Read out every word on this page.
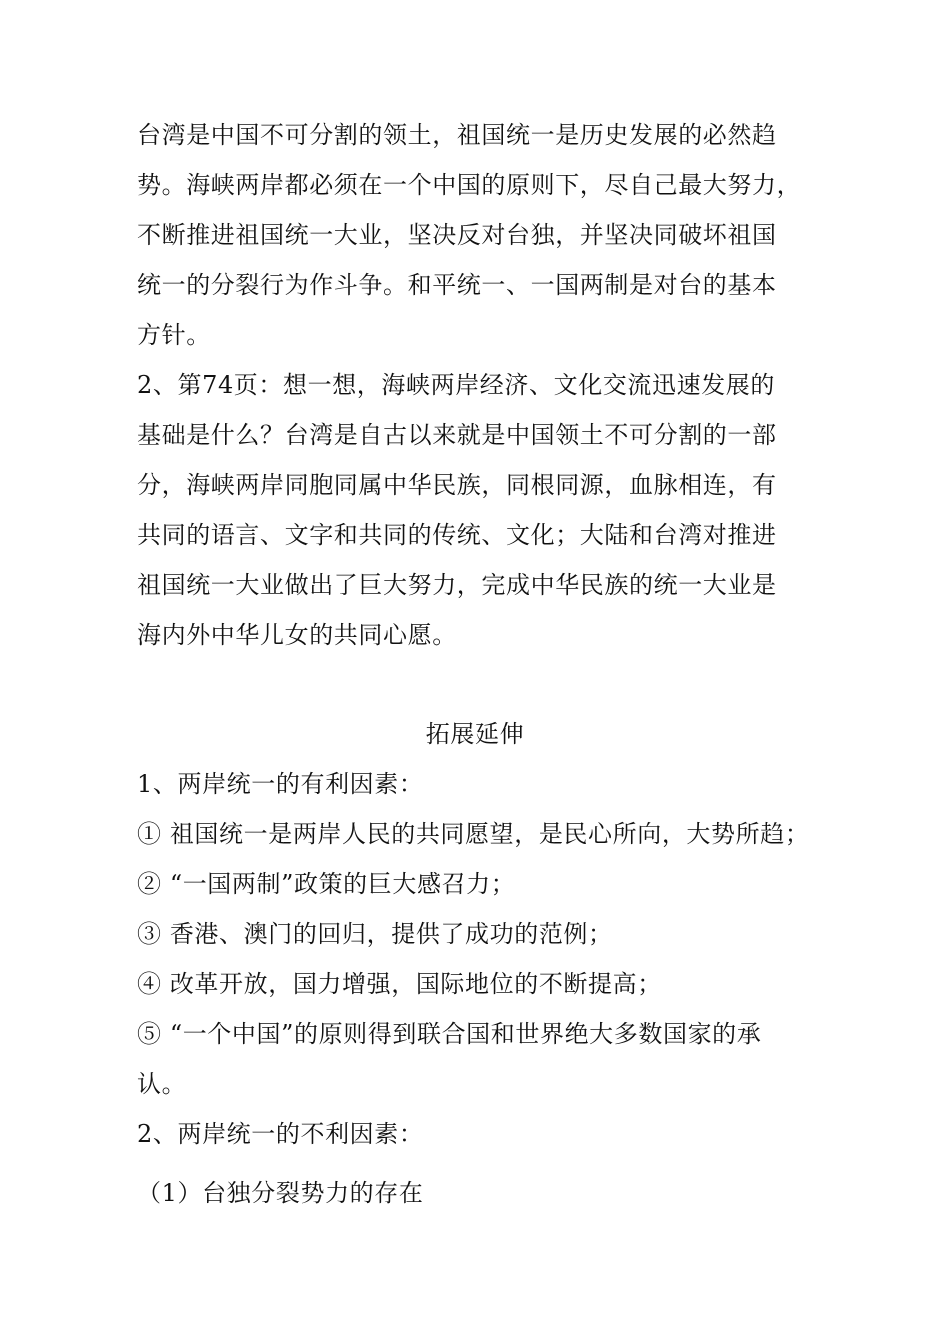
台湾是中国不可分割的领土，祖国统一是历史发展的必然趋
势。海峡两岸都必须在一个中国的原则下，尽自己最大努力，
不断推进祖国统一大业，坚决反对台独，并坚决同破坏祖国
统一的分裂行为作斗争。和平统一、一国两制是对台的基本
方针。
2、第74页：想一想，海峡两岸经济、文化交流迅速发展的
基础是什么？台湾是自古以来就是中国领土不可分割的一部
分，海峡两岸同胞同属中华民族，同根同源，血脉相连，有
共同的语言、文字和共同的传统、文化；大陆和台湾对推进
祖国统一大业做出了巨大努力，完成中华民族的统一大业是
海内外中华儿女的共同心愿。
拓展延伸
1、两岸统一的有利因素：
① 祖国统一是两岸人民的共同愿望，是民心所向，大势所趋；
② “一国两制”政策的巨大感召力；
③ 香港、澳门的回归，提供了成功的范例；
④ 改革开放，国力增强，国际地位的不断提高；
⑤ “一个中国”的原则得到联合国和世界绝大多数国家的承
认。
2、两岸统一的不利因素：
（1）台独分裂势力的存在
